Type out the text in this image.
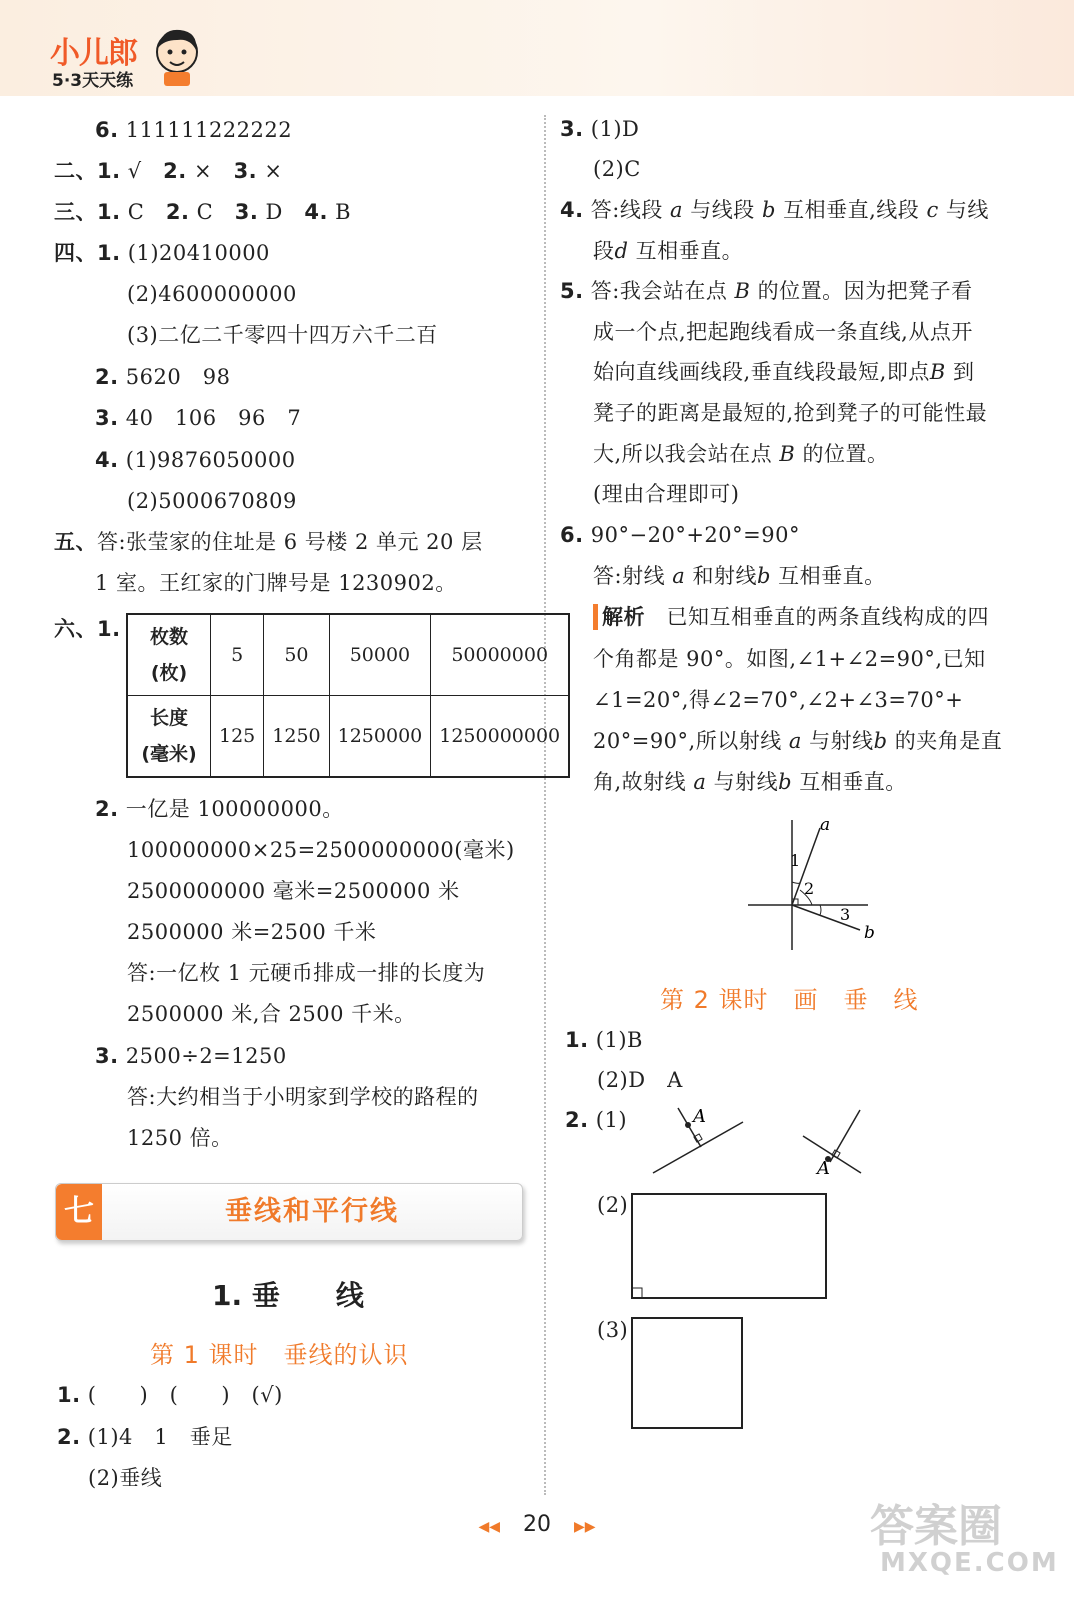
小儿郎
5·3天天练
6. 111111222222
二、1. √　 2. ×　 3. ×
三、1. C　 2. C　 3. D　 4. B
四、1. (1)20410000
(2)4600000000
(3)二亿二千零四十四万六千二百
2. 5620   98
3. 40   106   96   7
4. (1)9876050000
(2)5000670809
五、答:张莹家的住址是 6 号楼 2 单元 20 层
1 室。王红家的门牌号是 1230902。
六、1. 枚数
(枚)	5	50	50000	50000000
长度
(毫米)	125	1250	1250000	1250000000
2. 一亿是 100000000。
100000000×25=2500000000(毫米)
2500000000 毫米=2500000 米
2500000 米=2500 千米
答:一亿枚 1 元硬币排成一排的长度为
2500000 米,合 2500 千米。
3. 2500÷2=1250
答:大约相当于小明家到学校的路程的
1250 倍。
七	垂线和平行线
1. 垂　　线
第 1 课时　垂线的认识
1. (　　)　(　　)　(√)
2. (1)4　1　垂足
(2)垂线
3. (1)D
(2)C
4. 答:线段 a 与线段 b 互相垂直,线段 c 与线
段d 互相垂直。
5. 答:我会站在点 B 的位置。因为把凳子看
成一个点,把起跑线看成一条直线,从点开
始向直线画线段,垂直线段最短,即点B 到
凳子的距离是最短的,抢到凳子的可能性最
大,所以我会站在点 B 的位置。
(理由合理即可)
6. 90°−20°+20°=90°
答:射线 a 和射线b 互相垂直。
解析　 已知互相垂直的两条直线构成的四
个角都是 90°。如图,∠1+∠2=90°,已知
∠1=20°,得∠2=70°,∠2+∠3=70°+
20°=90°,所以射线 a 与射线b 的夹角是直
角,故射线 a 与射线b 互相垂直。
a
1
2
3
b
第 2 课时　画　垂　线
1. (1)B
(2)D　A
2. (1)	A
A
(2)
(3)
◀◀ 20 ▶▶	答案圈
MXQE.COM
